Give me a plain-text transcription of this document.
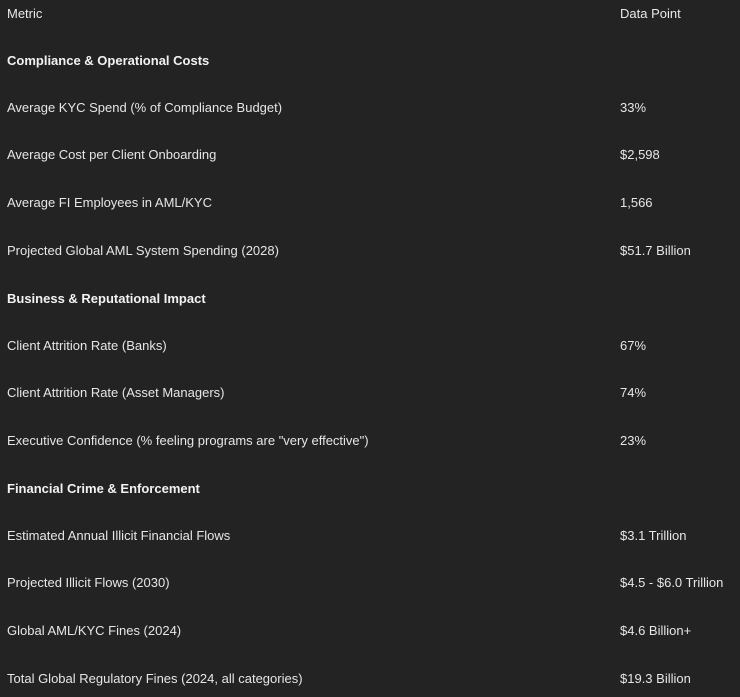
Metric	Data Point
Compliance & Operational Costs
Average KYC Spend (% of Compliance Budget)	33%
Average Cost per Client Onboarding	$2,598
Average FI Employees in AML/KYC	1,566
Projected Global AML System Spending (2028)	$51.7 Billion
Business & Reputational Impact
Client Attrition Rate (Banks)	67%
Client Attrition Rate (Asset Managers)	74%
Executive Confidence (% feeling programs are "very effective")	23%
Financial Crime & Enforcement
Estimated Annual Illicit Financial Flows	$3.1 Trillion
Projected Illicit Flows (2030)	$4.5 - $6.0 Trillion
Global AML/KYC Fines (2024)	$4.6 Billion+
Total Global Regulatory Fines (2024, all categories)	$19.3 Billion
